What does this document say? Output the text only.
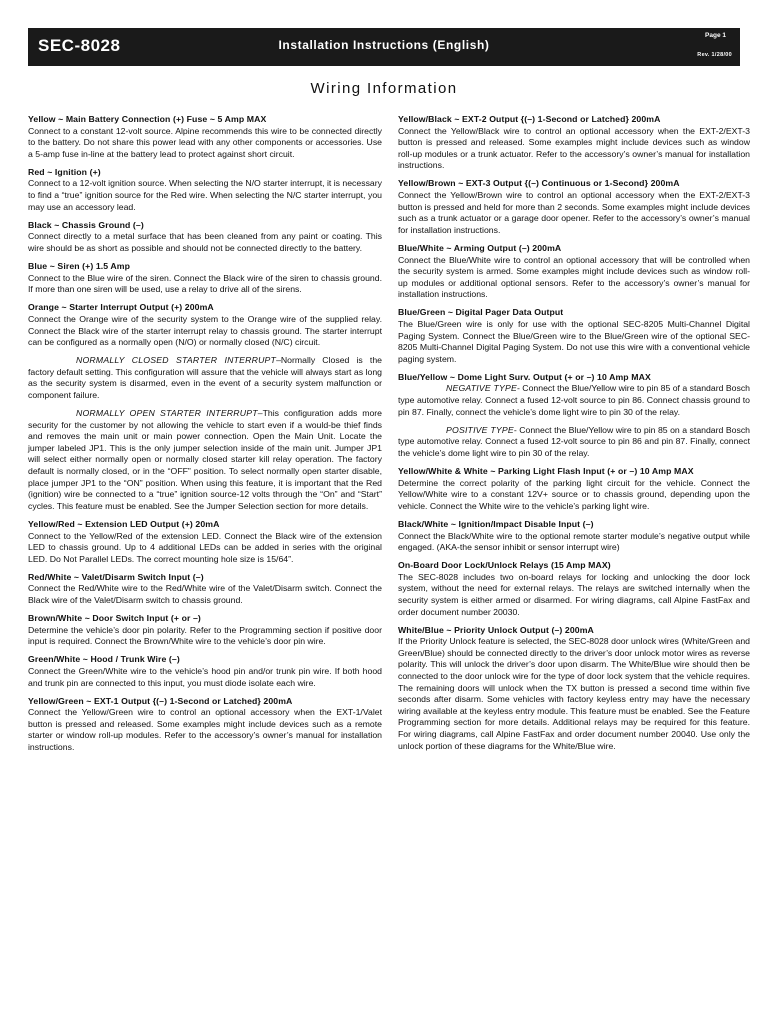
SEC-8028	Installation Instructions (English)
Page 1
Rev. 1/28/00
Wiring Information
Yellow ~ Main Battery Connection (+) Fuse ~ 5 Amp MAX

Connect to a constant 12-volt source. Alpine recommends this wire to be connected directly to the battery. Do not share this power lead with any other components or accessories. Use a 5-amp fuse in-line at the battery lead to protect against short circuit.

Red ~ Ignition (+)

Connect to a 12-volt ignition source. When selecting the N/O starter interrupt, it is necessary to find a “true” ignition source for the Red wire. When selecting the N/C starter interrupt, you may use an accessory lead.

Black ~ Chassis Ground (–)

Connect directly to a metal surface that has been cleaned from any paint or coating. This wire should be as short as possible and should not be connected directly to the battery.

Blue ~ Siren (+) 1.5 Amp

Connect to the Blue wire of the siren. Connect the Black wire of the siren to chassis ground. If more than one siren will be used, use a relay to drive all of the sirens.

Orange ~ Starter Interrupt Output (+) 200mA

Connect the Orange wire of the security system to the Orange wire of the supplied relay. Connect the Black wire of the starter interrupt relay to chassis ground. The starter interrupt can be configured as a normally open (N/O) or normally closed (N/C) circuit.

NORMALLY CLOSED STARTER INTERRUPT–Normally Closed is the factory default setting. This configuration will assure that the vehicle will always start as long as the security system is disarmed, even in the event of a security system malfunction or component failure.

NORMALLY OPEN STARTER INTERRUPT–This configuration adds more security for the customer by not allowing the vehicle to start even if a would-be thief finds and removes the main unit or main power connection. Open the Main Unit. Locate the jumper labeled JP1. This is the only jumper selection inside of the main unit. Jumper JP1 will select either normally open or normally closed starter kill relay operation. The factory default is normally closed, or in the “OFF” position. To select normally open starter disable, place jumper JP1 to the “ON” position. When using this feature, it is important that the Red (ignition) wire be connected to a “true” ignition source-12 volts through the “On” and “Start” cycles. This feature must be enabled. See the Jumper Selection section for more details.

Yellow/Red ~ Extension LED Output (+) 20mA

Connect to the Yellow/Red of the extension LED. Connect the Black wire of the extension LED to chassis ground. Up to 4 additional LEDs can be added in series with the original LED. Do Not Parallel LEDs. The correct mounting hole size is 15/64”.

Red/White ~ Valet/Disarm Switch Input (–)

Connect the Red/White wire to the Red/White wire of the Valet/Disarm switch. Connect the Black wire of the Valet/Disarm switch to chassis ground.

Brown/White ~ Door Switch Input (+ or –)

Determine the vehicle’s door pin polarity. Refer to the Programming section if positive door input is required. Connect the Brown/White wire to the vehicle’s door pin wire.

Green/White ~ Hood / Trunk Wire (–)

Connect the Green/White wire to the vehicle’s hood pin and/or trunk pin wire. If both hood and trunk pin are connected to this input, you must diode isolate each wire.

Yellow/Green ~ EXT-1 Output {(–) 1-Second or Latched} 200mA

Connect the Yellow/Green wire to control an optional accessory when the EXT-1/Valet button is pressed and released. Some examples might include devices such as a remote starter or window roll-up modules. Refer to the accessory’s owner’s manual for installation instructions.

Yellow/Black ~ EXT-2 Output {(–) 1-Second or Latched} 200mA

Connect the Yellow/Black wire to control an optional accessory when the EXT-2/EXT-3 button is pressed and released. Some examples might include devices such as window roll-up modules or a trunk actuator. Refer to the accessory’s owner’s manual for installation instructions.

Yellow/Brown ~ EXT-3 Output {(–) Continuous or 1-Second} 200mA

Connect the Yellow/Brown wire to control an optional accessory when the EXT-2/EXT-3 button is pressed and held for more than 2 seconds. Some examples might include devices such as a trunk actuator or a garage door opener. Refer to the accessory’s owner’s manual for installation instructions.

Blue/White ~ Arming Output (–) 200mA

Connect the Blue/White wire to control an optional accessory that will be controlled when the security system is armed. Some examples might include devices such as window roll-up modules or additional optional sensors. Refer to the accessory’s owner’s manual for installation instructions.

Blue/Green ~ Digital Pager Data Output

The Blue/Green wire is only for use with the optional SEC-8205 Multi-Channel Digital Paging System. Connect the Blue/Green wire to the Blue/Green wire of the optional SEC-8205 Multi-Channel Digital Paging System. Do not use this wire with a conventional vehicle paging system.

Blue/Yellow ~ Dome Light Surv. Output (+ or –) 10 Amp MAX

NEGATIVE TYPE- Connect the Blue/Yellow wire to pin 85 of a standard Bosch type automotive relay. Connect a fused 12-volt source to pin 86. Connect chassis ground to pin 87. Finally, connect the vehicle’s dome light wire to pin 30 of the relay.

POSITIVE TYPE- Connect the Blue/Yellow wire to pin 85 on a standard Bosch type automotive relay. Connect a fused 12-volt source to pin 86 and pin 87. Finally, connect the vehicle’s dome light wire to pin 30 of the relay.

Yellow/White & White ~ Parking Light Flash Input (+ or –) 10 Amp MAX

Determine the correct polarity of the parking light circuit for the vehicle. Connect the Yellow/White wire to a constant 12V+ source or to chassis ground, depending upon the vehicle. Connect the White wire to the vehicle’s parking light wire.

Black/White ~ Ignition/Impact Disable Input (–)

Connect the Black/White wire to the optional remote starter module’s negative output while engaged. (AKA-the sensor inhibit or sensor interrupt wire)

On-Board Door Lock/Unlock Relays (15 Amp MAX)

The SEC-8028 includes two on-board relays for locking and unlocking the door lock system, without the need for external relays. The relays are switched internally when the security system is either armed or disarmed. For wiring diagrams, call Alpine FastFax and order document number 20030.

White/Blue ~ Priority Unlock Output (–) 200mA

If the Priority Unlock feature is selected, the SEC-8028 door unlock wires (White/Green and Green/Blue) should be connected directly to the driver’s door unlock motor wires as reverse polarity. This will unlock the driver’s door upon disarm. The White/Blue wire should then be connected to the door unlock wire for the type of door lock system that the vehicle requires. The remaining doors will unlock when the TX button is pressed a second time within five seconds after disarm. Some vehicles with factory keyless entry may have the necessary wiring available at the keyless entry module. This feature must be enabled. See the Feature Programming section for more details. Additional relays may be required for this feature. For wiring diagrams, call Alpine FastFax and order document number 20040. Use only the unlock portion of these diagrams for the White/Blue wire.
